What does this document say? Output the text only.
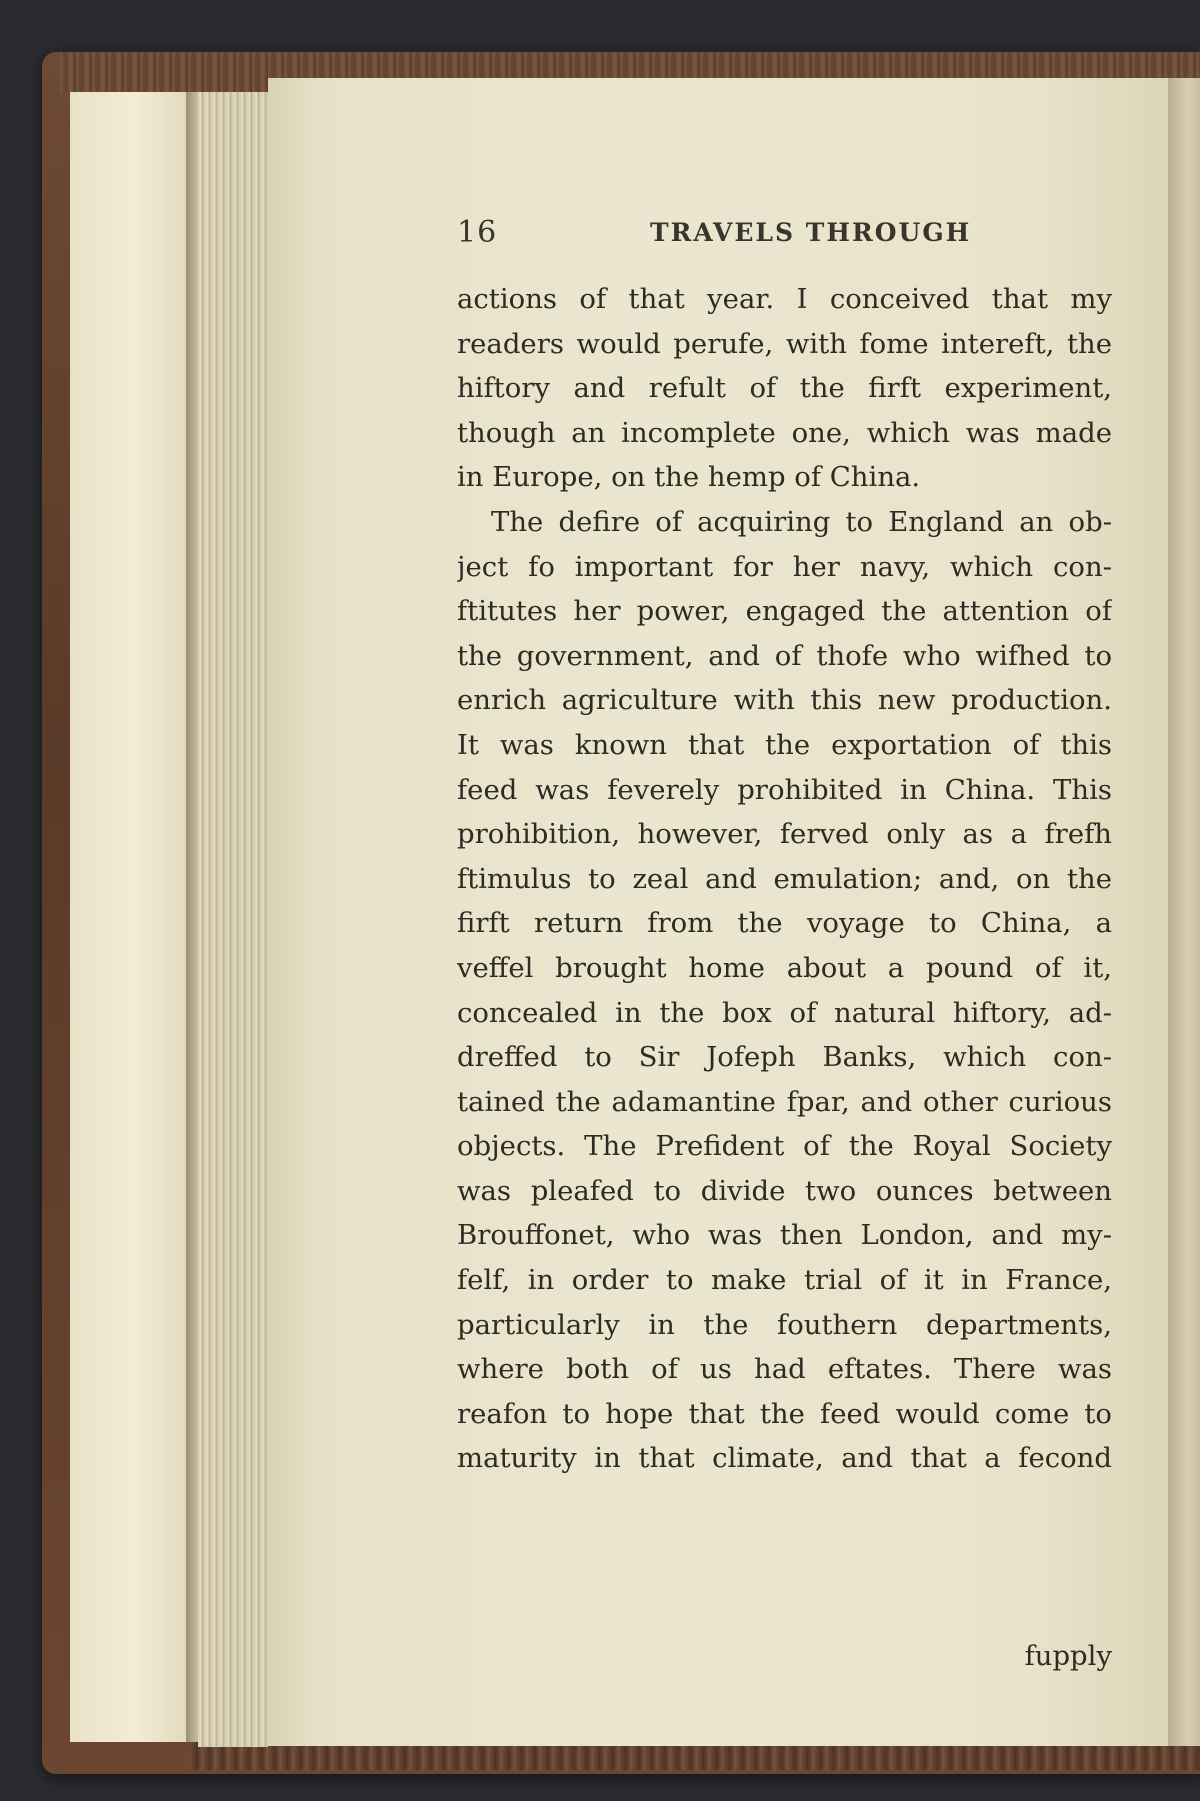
16	TRAVELS THROUGH
actions of that year. I conceived that my
readers would perufe, with fome intereft, the
hiftory and refult of the firft experiment,
though an incomplete one, which was made
in Europe, on the hemp of China.
The defire of acquiring to England an ob-
ject fo important for her navy, which con-
ftitutes her power, engaged the attention of
the government, and of thofe who wifhed to
enrich agriculture with this new production.
It was known that the exportation of this
feed was feverely prohibited in China. This
prohibition, however, ferved only as a frefh
ftimulus to zeal and emulation; and, on the
firft return from the voyage to China, a
veffel brought home about a pound of it,
concealed in the box of natural hiftory, ad-
dreffed to Sir Jofeph Banks, which con-
tained the adamantine fpar, and other curious
objects. The Prefident of the Royal Society
was pleafed to divide two ounces between
Brouffonet, who was then London, and my-
felf, in order to make trial of it in France,
particularly in the fouthern departments,
where both of us had eftates. There was
reafon to hope that the feed would come to
maturity in that climate, and that a fecond
fupply
